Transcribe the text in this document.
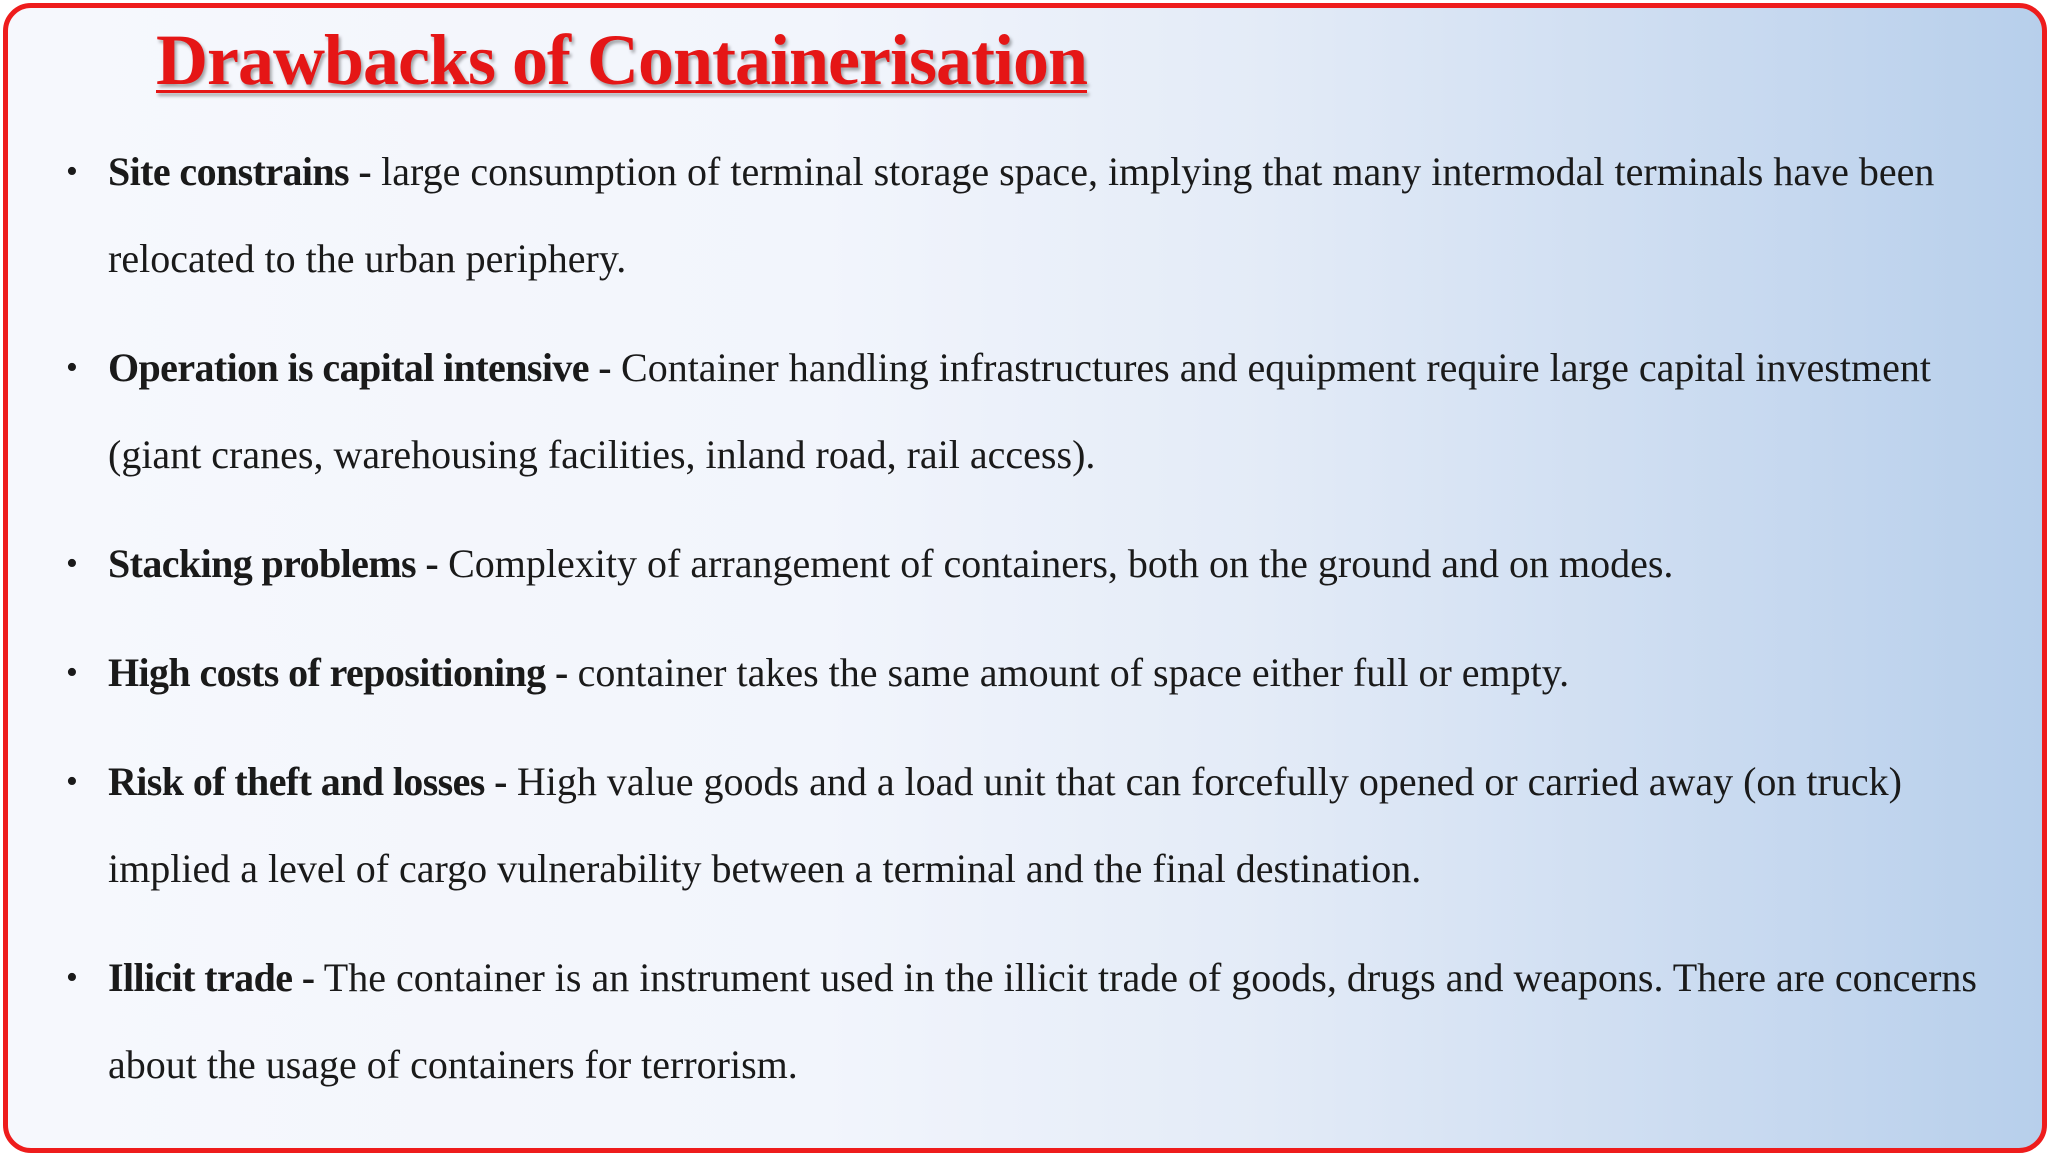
Drawbacks of Containerisation
• Site constrains - large consumption of terminal storage space, implying that many intermodal terminals have been relocated to the urban periphery.
• Operation is capital intensive - Container handling infrastructures and equipment require large capital investment (giant cranes, warehousing facilities, inland road, rail access).
• Stacking problems - Complexity of arrangement of containers, both on the ground and on modes.
• High costs of repositioning - container takes the same amount of space either full or empty.
• Risk of theft and losses - High value goods and a load unit that can forcefully opened or carried away (on truck) implied a level of cargo vulnerability between a terminal and the final destination.
• Illicit trade - The container is an instrument used in the illicit trade of goods, drugs and weapons. There are concerns about the usage of containers for terrorism.
